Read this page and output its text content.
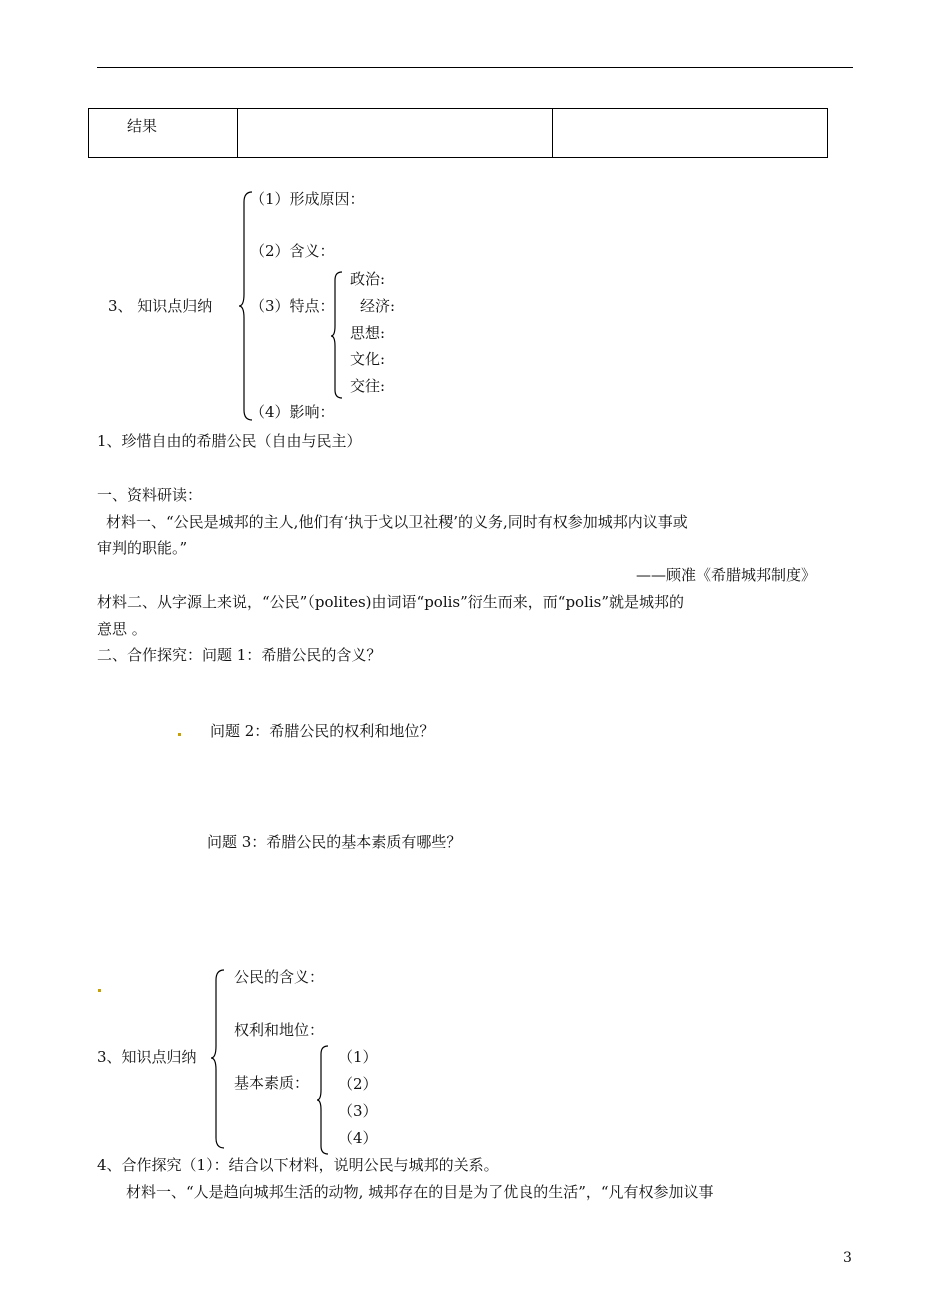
结果		
3、 知识点归纳
（1）形成原因：
（2）含义：
（3）特点：
（4）影响：
政治:
经济:
思想:
文化:
交往:
1、珍惜自由的希腊公民（自由与民主）
一、资料研读：
材料一、“公民是城邦的主人,他们有‘执于戈以卫社稷’的义务,同时有权参加城邦内议事或
审判的职能。”
——顾准《希腊城邦制度》
材料二、从字源上来说，“公民”（polites)由词语“polis”衍生而来，而“polis”就是城邦的
意思 。
二、合作探究：问题 1：希腊公民的含义？
问题 2：希腊公民的权利和地位？
问题 3：希腊公民的基本素质有哪些？
3、知识点归纳
公民的含义：
权利和地位：
基本素质：
（1）
（2）
（3）
（4）
4、合作探究（1）：结合以下材料，说明公民与城邦的关系。
材料一、“人是趋向城邦生活的动物, 城邦存在的目是为了优良的生活”，“凡有权参加议事
3
